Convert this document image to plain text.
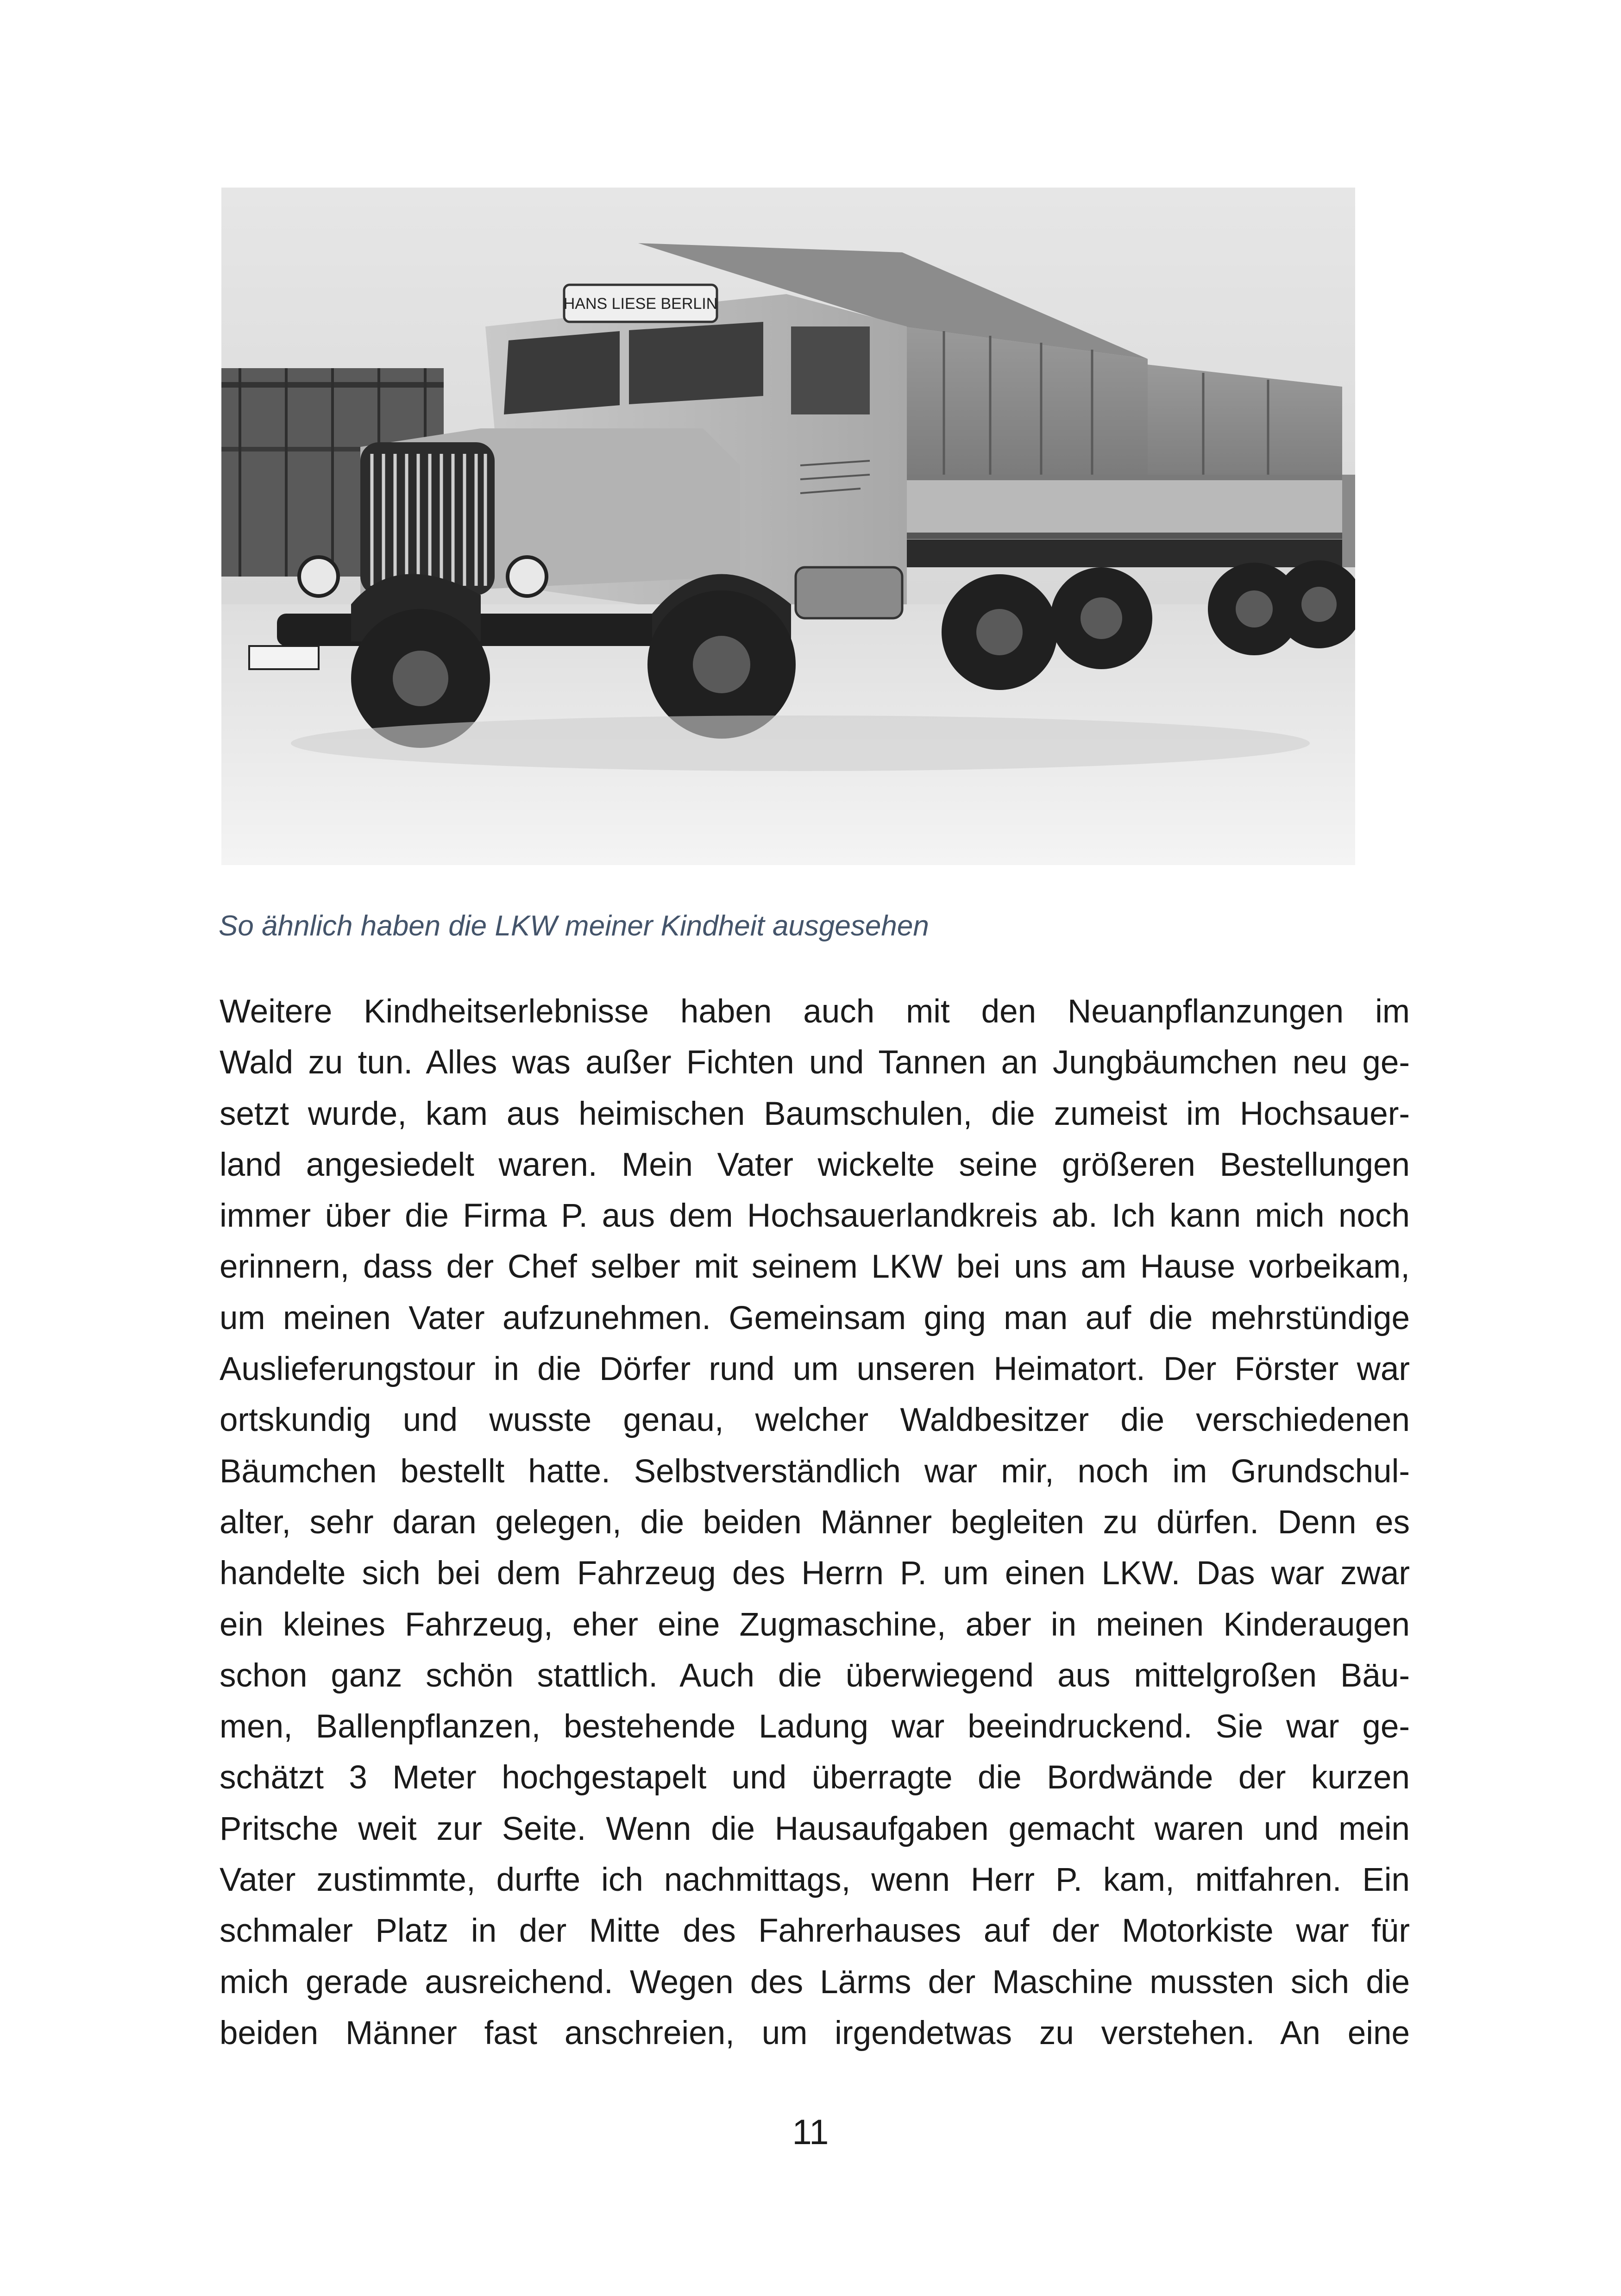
HANS LIESE BERLIN
So ähnlich haben die LKW meiner Kindheit ausgesehen
Weitere Kindheitserlebnisse haben auch mit den Neuanpflanzungen im
Wald zu tun. Alles was außer Fichten und Tannen an Jungbäumchen neu ge-
setzt wurde, kam aus heimischen Baumschulen, die zumeist im Hochsauer-
land angesiedelt waren. Mein Vater wickelte seine größeren Bestellungen
immer über die Firma P. aus dem Hochsauerlandkreis ab. Ich kann mich noch
erinnern, dass der Chef selber mit seinem LKW bei uns am Hause vorbeikam,
um meinen Vater aufzunehmen. Gemeinsam ging man auf die mehrstündige
Auslieferungstour in die Dörfer rund um unseren Heimatort. Der Förster war
ortskundig und wusste genau, welcher Waldbesitzer die verschiedenen
Bäumchen bestellt hatte. Selbstverständlich war mir, noch im Grundschul-
alter, sehr daran gelegen, die beiden Männer begleiten zu dürfen. Denn es
handelte sich bei dem Fahrzeug des Herrn P. um einen LKW. Das war zwar
ein kleines Fahrzeug, eher eine Zugmaschine, aber in meinen Kinderaugen
schon ganz schön stattlich. Auch die überwiegend aus mittelgroßen Bäu-
men, Ballenpflanzen, bestehende Ladung war beeindruckend. Sie war ge-
schätzt 3 Meter hochgestapelt und überragte die Bordwände der kurzen
Pritsche weit zur Seite. Wenn die Hausaufgaben gemacht waren und mein
Vater zustimmte, durfte ich nachmittags, wenn Herr P. kam, mitfahren. Ein
schmaler Platz in der Mitte des Fahrerhauses auf der Motorkiste war für
mich gerade ausreichend. Wegen des Lärms der Maschine mussten sich die
beiden Männer fast anschreien, um irgendetwas zu verstehen. An eine
11
